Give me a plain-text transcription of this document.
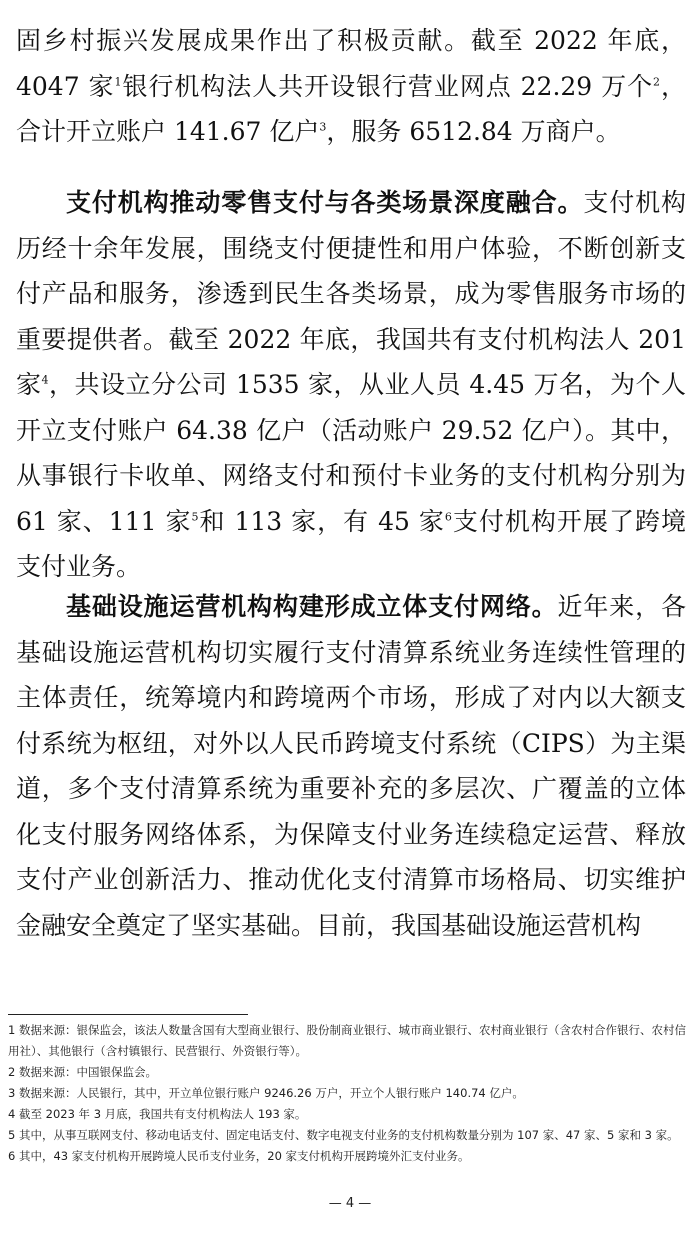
固乡村振兴发展成果作出了积极贡献。截至 2022 年底，4047 家$^1$银行机构法人共开设银行营业网点 22.29 万个$^2$，合计开立账户 141.67 亿户$^3$，服务 6512.84 万商户。

支付机构推动零售支付与各类场景深度融合。支付机构历经十余年发展，围绕支付便捷性和用户体验，不断创新支付产品和服务，渗透到民生各类场景，成为零售服务市场的重要提供者。截至 2022 年底，我国共有支付机构法人 201 家$^4$，共设立分公司 1535 家，从业人员 4.45 万名，为个人开立支付账户 64.38 亿户（活动账户 29.52 亿户）。其中，从事银行卡收单、网络支付和预付卡业务的支付机构分别为 61 家、111 家$^5$和 113 家，有 45 家$^6$支付机构开展了跨境支付业务。

基础设施运营机构构建形成立体支付网络。近年来，各基础设施运营机构切实履行支付清算系统业务连续性管理的主体责任，统筹境内和跨境两个市场，形成了对内以大额支付系统为枢纽，对外以人民币跨境支付系统（CIPS）为主渠道，多个支付清算系统为重要补充的多层次、广覆盖的立体化支付服务网络体系，为保障支付业务连续稳定运营、释放支付产业创新活力、推动优化支付清算市场格局、切实维护金融安全奠定了坚实基础。目前，我国基础设施运营机构

1 数据来源：银保监会，该法人数量含国有大型商业银行、股份制商业银行、城市商业银行、农村商业银行（含农村合作银行、农村信用社）、其他银行（含村镇银行、民营银行、外资银行等）。
2 数据来源：中国银保监会。
3 数据来源：人民银行，其中，开立单位银行账户 9246.26 万户，开立个人银行账户 140.74 亿户。
4 截至 2023 年 3 月底，我国共有支付机构法人 193 家。
5 其中，从事互联网支付、移动电话支付、固定电话支付、数字电视支付业务的支付机构数量分别为 107 家、47 家、5 家和 3 家。
6 其中，43 家支付机构开展跨境人民币支付业务，20 家支付机构开展跨境外汇支付业务。
— 4 —
